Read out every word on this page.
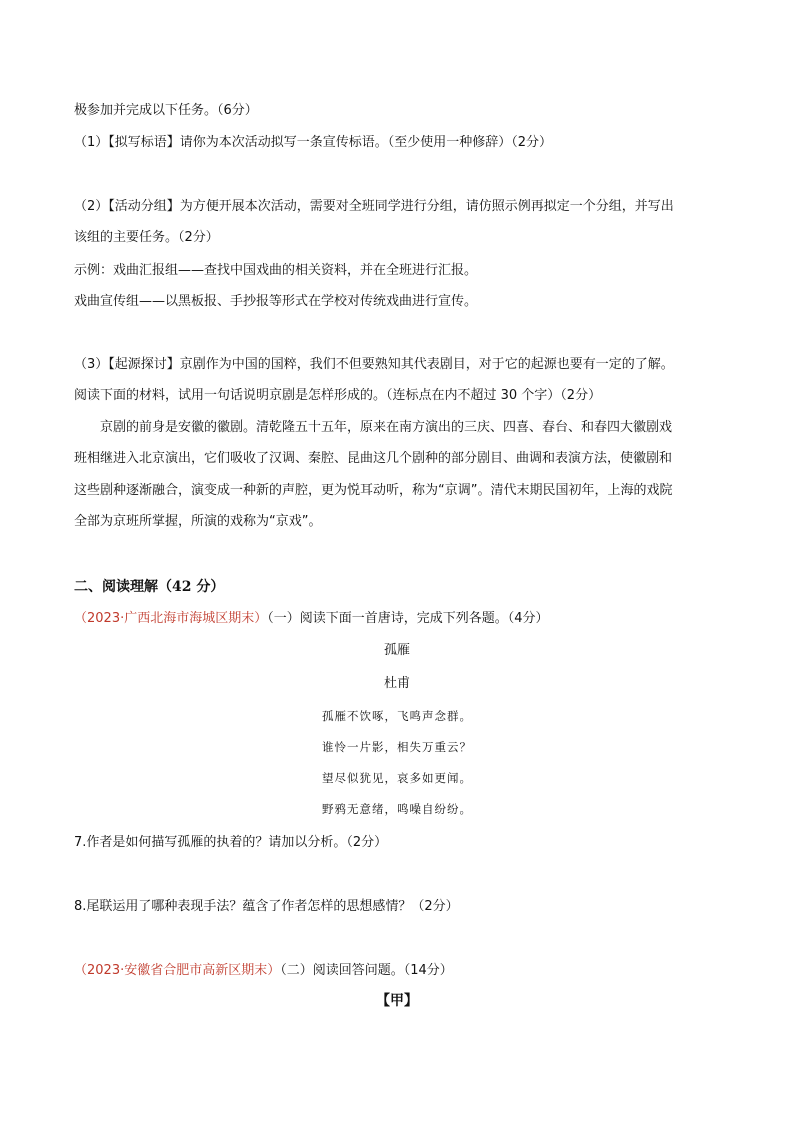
极参加并完成以下任务。（6分）
（1）【拟写标语】请你为本次活动拟写一条宣传标语。（至少使用一种修辞）（2分）
（2）【活动分组】为方便开展本次活动，需要对全班同学进行分组，请仿照示例再拟定一个分组，并写出
该组的主要任务。（2分）
示例：戏曲汇报组——查找中国戏曲的相关资料，并在全班进行汇报。
戏曲宣传组——以黑板报、手抄报等形式在学校对传统戏曲进行宣传。
（3）【起源探讨】京剧作为中国的国粹，我们不但要熟知其代表剧目，对于它的起源也要有一定的了解。
阅读下面的材料，试用一句话说明京剧是怎样形成的。（连标点在内不超过 30 个字）（2分）
京剧的前身是安徽的徽剧。清乾隆五十五年，原来在南方演出的三庆、四喜、春台、和春四大徽剧戏
班相继进入北京演出，它们吸收了汉调、秦腔、昆曲这几个剧种的部分剧目、曲调和表演方法，使徽剧和
这些剧种逐渐融合，演变成一种新的声腔，更为悦耳动听，称为“京调”。清代末期民国初年，上海的戏院
全部为京班所掌握，所演的戏称为“京戏”。
二、阅读理解（42 分）
（2023·广西北海市海城区期末）（一）阅读下面一首唐诗，完成下列各题。（4分）
孤雁
杜甫
孤雁不饮啄，飞鸣声念群。
谁怜一片影，相失万重云？
望尽似犹见，哀多如更闻。
野鸦无意绪，鸣噪自纷纷。
7.作者是如何描写孤雁的执着的？请加以分析。（2分）
8.尾联运用了哪种表现手法？蕴含了作者怎样的思想感情？（2分）
（2023·安徽省合肥市高新区期末）（二）阅读回答问题。（14分）
【甲】
